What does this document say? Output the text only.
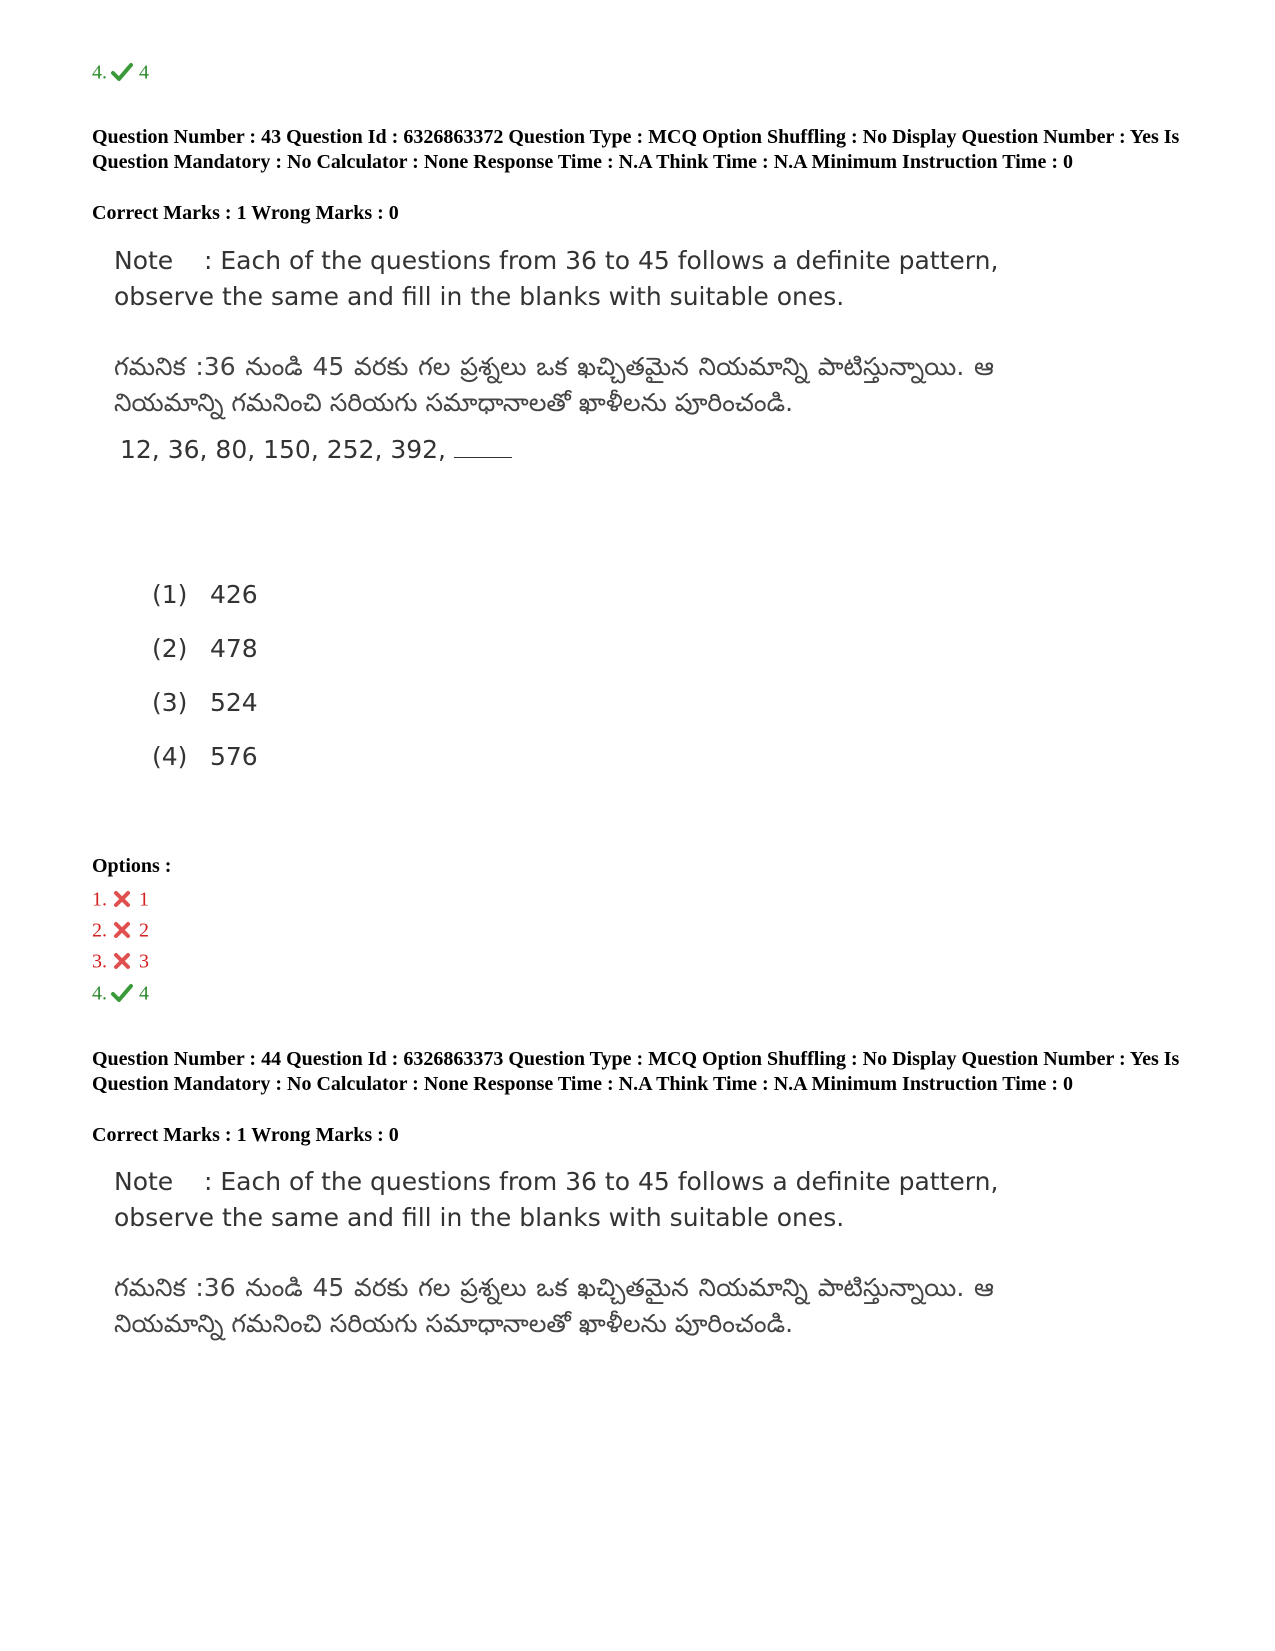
4. 4
Question Number : 43 Question Id : 6326863372 Question Type : MCQ Option Shuffling : No Display Question Number : Yes Is Question Mandatory : No Calculator : None Response Time : N.A Think Time : N.A Minimum Instruction Time : 0
Correct Marks : 1 Wrong Marks : 0
Note : Each of the questions from 36 to 45 follows a definite pattern, observe the same and fill in the blanks with suitable ones.
గమనిక :36 నుండి 45 వరకు గల ప్రశ్నలు ఒక ఖచ్చితమైన నియమాన్ని పాటిస్తున్నాయి. ఆ నియమాన్ని గమనించి సరియగు సమాధానాలతో ఖాళీలను పూరించండి.
12, 36, 80, 150, 252, 392,
(1) 426
(2) 478
(3) 524
(4) 576
Options :
1. 1
2. 2
3. 3
4. 4
Question Number : 44 Question Id : 6326863373 Question Type : MCQ Option Shuffling : No Display Question Number : Yes Is Question Mandatory : No Calculator : None Response Time : N.A Think Time : N.A Minimum Instruction Time : 0
Correct Marks : 1 Wrong Marks : 0
Note : Each of the questions from 36 to 45 follows a definite pattern, observe the same and fill in the blanks with suitable ones.
గమనిక :36 నుండి 45 వరకు గల ప్రశ్నలు ఒక ఖచ్చితమైన నియమాన్ని పాటిస్తున్నాయి. ఆ నియమాన్ని గమనించి సరియగు సమాధానాలతో ఖాళీలను పూరించండి.
